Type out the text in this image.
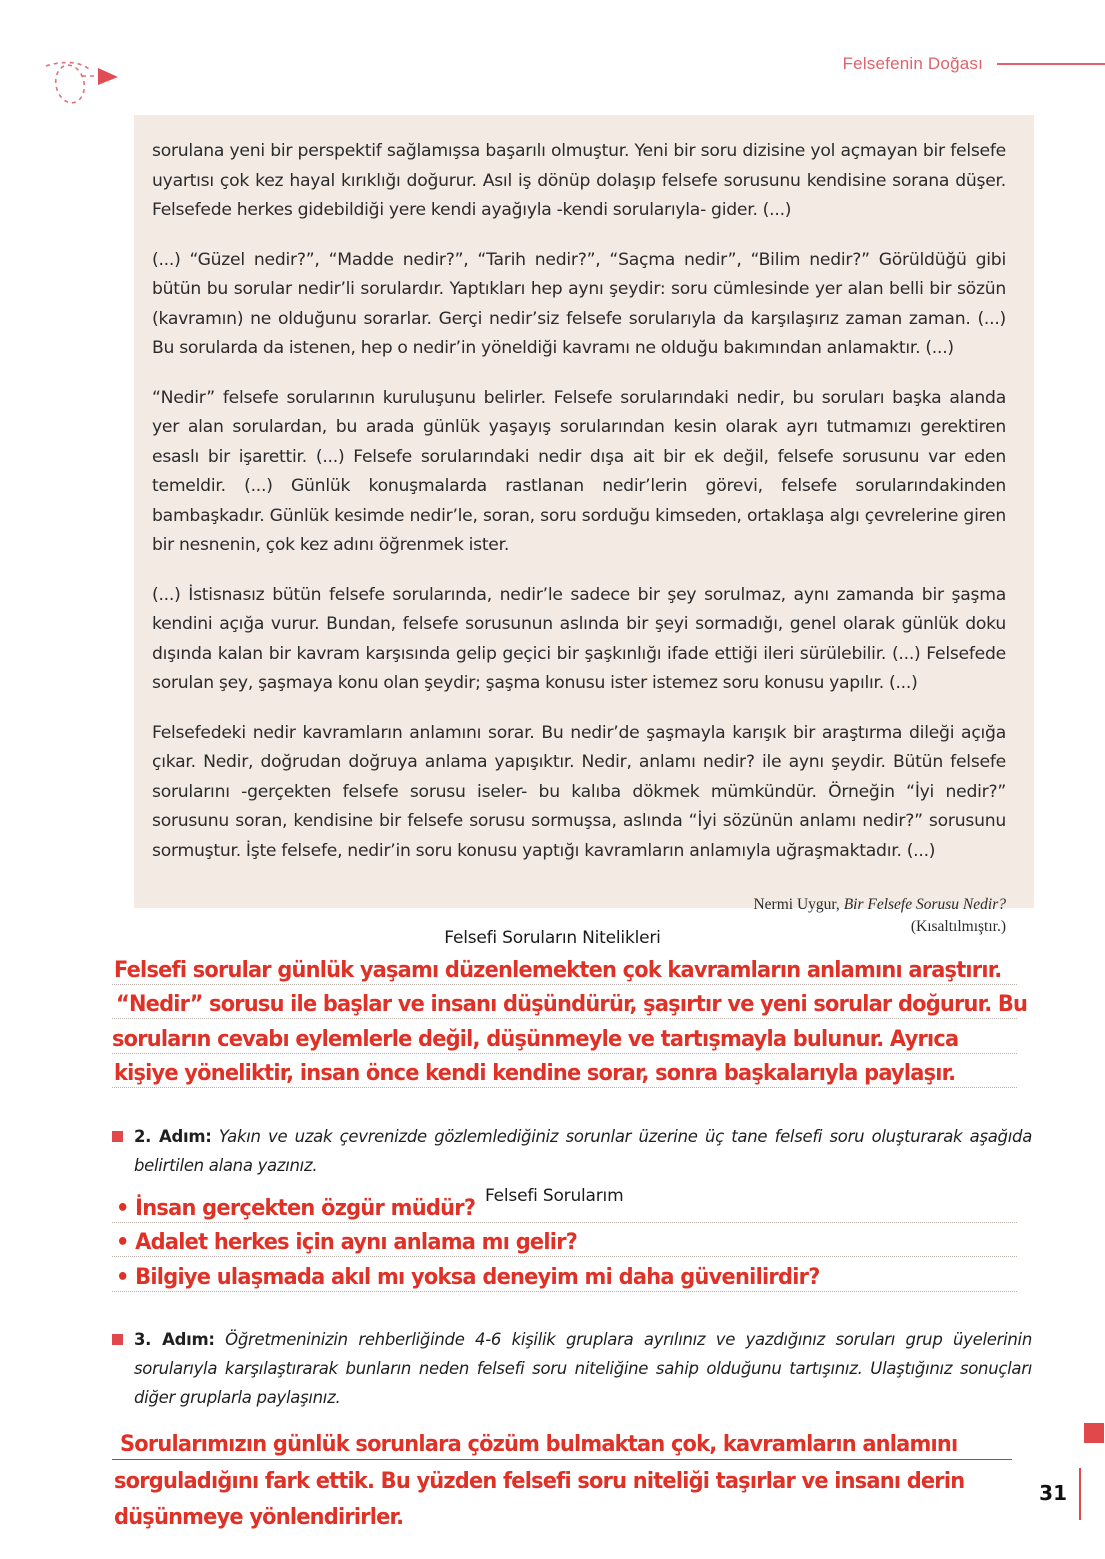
Felsefenin Doğası

sorulana yeni bir perspektif sağlamışsa başarılı olmuştur. Yeni bir soru dizisine yol açmayan bir felsefe uyartısı çok kez hayal kırıklığı doğurur. Asıl iş dönüp dolaşıp felsefe sorusunu kendisine sorana düşer. Felsefede herkes gidebildiği yere kendi ayağıyla -kendi sorularıyla- gider. (...)

(...) “Güzel nedir?”, “Madde nedir?”, “Tarih nedir?”, “Saçma nedir”, “Bilim nedir?” Görüldüğü gibi bütün bu sorular nedir’li sorulardır. Yaptıkları hep aynı şeydir: soru cümlesinde yer alan belli bir sözün (kavramın) ne olduğunu sorarlar. Gerçi nedir’siz felsefe sorularıyla da karşılaşırız zaman zaman. (...) Bu sorularda da istenen, hep o nedir’in yöneldiği kavramı ne olduğu bakımından anlamaktır. (...)

“Nedir” felsefe sorularının kuruluşunu belirler. Felsefe sorularındaki nedir, bu soruları başka alanda yer alan sorulardan, bu arada günlük yaşayış sorularından kesin olarak ayrı tutmamızı gerektiren esaslı bir işarettir. (...) Felsefe sorularındaki nedir dışa ait bir ek değil, felsefe sorusunu var eden temeldir. (...) Günlük konuşmalarda rastlanan nedir’lerin görevi, felsefe sorularındakinden bambaşkadır. Günlük kesimde nedir’le, soran, soru sorduğu kimseden, ortaklaşa algı çevrelerine giren bir nesnenin, çok kez adını öğrenmek ister.

(...) İstisnasız bütün felsefe sorularında, nedir’le sadece bir şey sorulmaz, aynı zamanda bir şaşma kendini açığa vurur. Bundan, felsefe sorusunun aslında bir şeyi sormadığı, genel olarak günlük doku dışında kalan bir kavram karşısında gelip geçici bir şaşkınlığı ifade ettiği ileri sürülebilir. (...) Felsefede sorulan şey, şaşmaya konu olan şeydir; şaşma konusu ister istemez soru konusu yapılır. (...)

Felsefedeki nedir kavramların anlamını sorar. Bu nedir’de şaşmayla karışık bir araştırma dileği açığa çıkar. Nedir, doğrudan doğruya anlama yapışıktır. Nedir, anlamı nedir? ile aynı şeydir. Bütün felsefe sorularını -gerçekten felsefe sorusu iseler- bu kalıba dökmek mümkündür. Örneğin “İyi nedir?” sorusunu soran, kendisine bir felsefe sorusu sormuşsa, aslında “İyi sözünün anlamı nedir?” sorusunu sormuştur. İşte felsefe, nedir’in soru konusu yaptığı kavramların anlamıyla uğraşmaktadır. (...)

Nermi Uygur, Bir Felsefe Sorusu Nedir?
(Kısaltılmıştır.)
Felsefi Soruların Nitelikleri
Felsefi sorular günlük yaşamı düzenlemekten çok kavramların anlamını araştırır.
“Nedir” sorusu ile başlar ve insanı düşündürür, şaşırtır ve yeni sorular doğurur. Bu
soruların cevabı eylemlerle değil, düşünmeyle ve tartışmayla bulunur. Ayrıca
kişiye yöneliktir, insan önce kendi kendine sorar, sonra başkalarıyla paylaşır.
2. Adım: Yakın ve uzak çevrenizde gözlemlediğiniz sorunlar üzerine üç tane felsefi soru oluşturarak aşağıda belirtilen alana yazınız.
Felsefi Sorularım
• İnsan gerçekten özgür müdür?
• Adalet herkes için aynı anlama mı gelir?
• Bilgiye ulaşmada akıl mı yoksa deneyim mi daha güvenilirdir?
3. Adım: Öğretmeninizin rehberliğinde 4-6 kişilik gruplara ayrılınız ve yazdığınız soruları grup üyelerinin sorularıyla karşılaştırarak bunların neden felsefi soru niteliğine sahip olduğunu tartışınız. Ulaştığınız sonuçları diğer gruplarla paylaşınız.
Sorularımızın günlük sorunlara çözüm bulmaktan çok, kavramların anlamını
sorguladığını fark ettik. Bu yüzden felsefi soru niteliği taşırlar ve insanı derin
düşünmeye yönlendirirler.
31
